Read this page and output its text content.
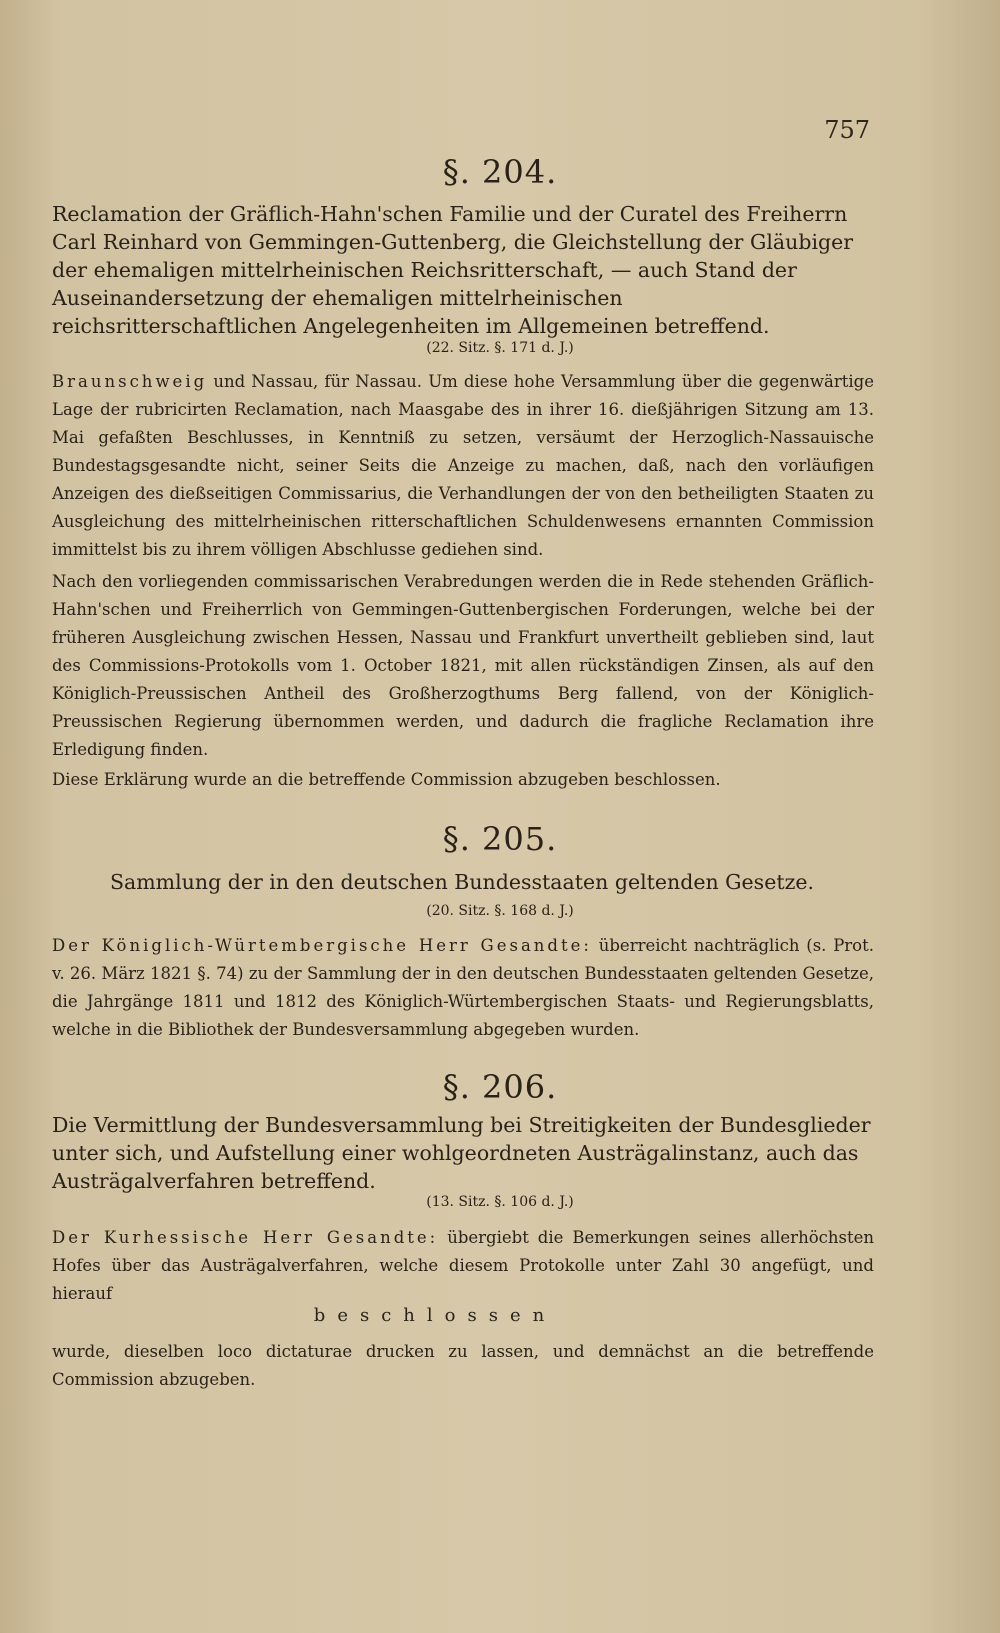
757
§. 204.
Reclamation der Gräflich-Hahn'schen Familie und der Curatel des Freiherrn Carl Reinhard von Gemmingen-Guttenberg, die Gleichstellung der Gläubiger der ehemaligen mittelrheinischen Reichsritterschaft, — auch Stand der Auseinandersetzung der ehemaligen mittelrheinischen reichsritterschaftlichen Angelegenheiten im Allgemeinen betreffend.
(22. Sitz. §. 171 d. J.)
Braunschweig und Nassau, für Nassau. Um diese hohe Versammlung über die gegenwärtige Lage der rubricirten Reclamation, nach Maasgabe des in ihrer 16. dießjährigen Sitzung am 13. Mai gefaßten Beschlusses, in Kenntniß zu setzen, versäumt der Herzoglich-Nassauische Bundestagsgesandte nicht, seiner Seits die Anzeige zu machen, daß, nach den vorläufigen Anzeigen des dießseitigen Commissarius, die Verhandlungen der von den betheiligten Staaten zu Ausgleichung des mittelrheinischen ritterschaftlichen Schuldenwesens ernannten Commission immittelst bis zu ihrem völligen Abschlusse gediehen sind.
Nach den vorliegenden commissarischen Verabredungen werden die in Rede stehenden Gräflich-Hahn'schen und Freiherrlich von Gemmingen-Guttenbergischen Forderungen, welche bei der früheren Ausgleichung zwischen Hessen, Nassau und Frankfurt unvertheilt geblieben sind, laut des Commissions-Protokolls vom 1. October 1821, mit allen rückständigen Zinsen, als auf den Königlich-Preussischen Antheil des Großherzogthums Berg fallend, von der Königlich-Preussischen Regierung übernommen werden, und dadurch die fragliche Reclamation ihre Erledigung finden.
Diese Erklärung wurde an die betreffende Commission abzugeben beschlossen.
§. 205.
Sammlung der in den deutschen Bundesstaaten geltenden Gesetze.
(20. Sitz. §. 168 d. J.)
Der Königlich-Würtembergische Herr Gesandte: überreicht nachträglich (s. Prot. v. 26. März 1821 §. 74) zu der Sammlung der in den deutschen Bundesstaaten geltenden Gesetze, die Jahrgänge 1811 und 1812 des Königlich-Würtembergischen Staats- und Regierungsblatts, welche in die Bibliothek der Bundesversammlung abgegeben wurden.
§. 206.
Die Vermittlung der Bundesversammlung bei Streitigkeiten der Bundesglieder unter sich, und Aufstellung einer wohlgeordneten Austrägalinstanz, auch das Austrägalverfahren betreffend.
(13. Sitz. §. 106 d. J.)
Der Kurhessische Herr Gesandte: übergiebt die Bemerkungen seines allerhöchsten Hofes über das Austrägalverfahren, welche diesem Protokolle unter Zahl 30 angefügt, und hierauf
beschlossen
wurde, dieselben loco dictaturae drucken zu lassen, und demnächst an die betreffende Commission abzugeben.
